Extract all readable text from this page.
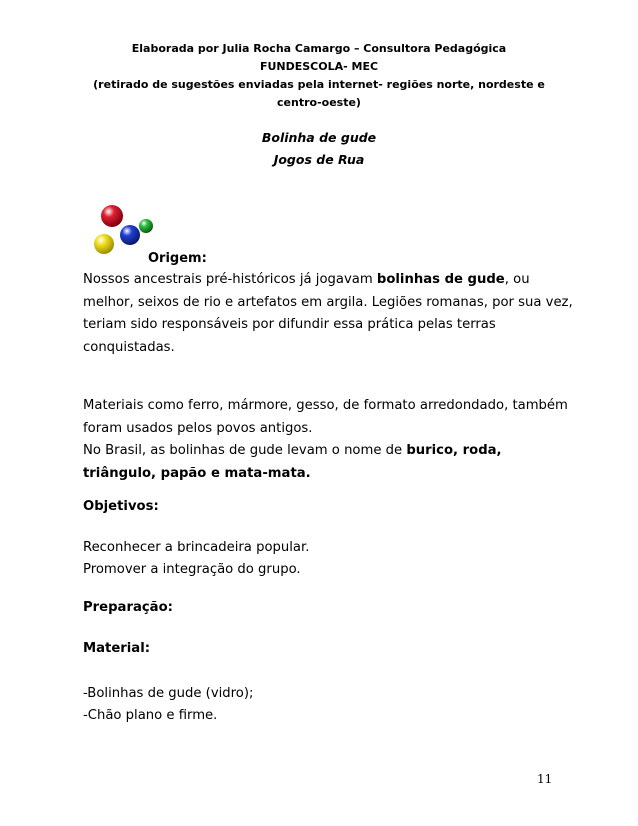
Elaborada por Julia Rocha Camargo – Consultora Pedagógica
FUNDESCOLA- MEC
(retirado de sugestões enviadas pela internet- regiões norte, nordeste e
centro-oeste)
Bolinha de gude
Jogos de Rua
Origem:
Nossos ancestrais pré-históricos já jogavam bolinhas de gude, ou melhor, seixos de rio e artefatos em argila. Legiões romanas, por sua vez, teriam sido responsáveis por difundir essa prática pelas terras conquistadas.
Materiais como ferro, mármore, gesso, de formato arredondado, também foram usados pelos povos antigos.
No Brasil, as bolinhas de gude levam o nome de burico, roda, triângulo, papão e mata-mata.
Objetivos:
Reconhecer a brincadeira popular.
Promover a integração do grupo.
Preparação:
Material:
-Bolinhas de gude (vidro);
-Chão plano e firme.
11
